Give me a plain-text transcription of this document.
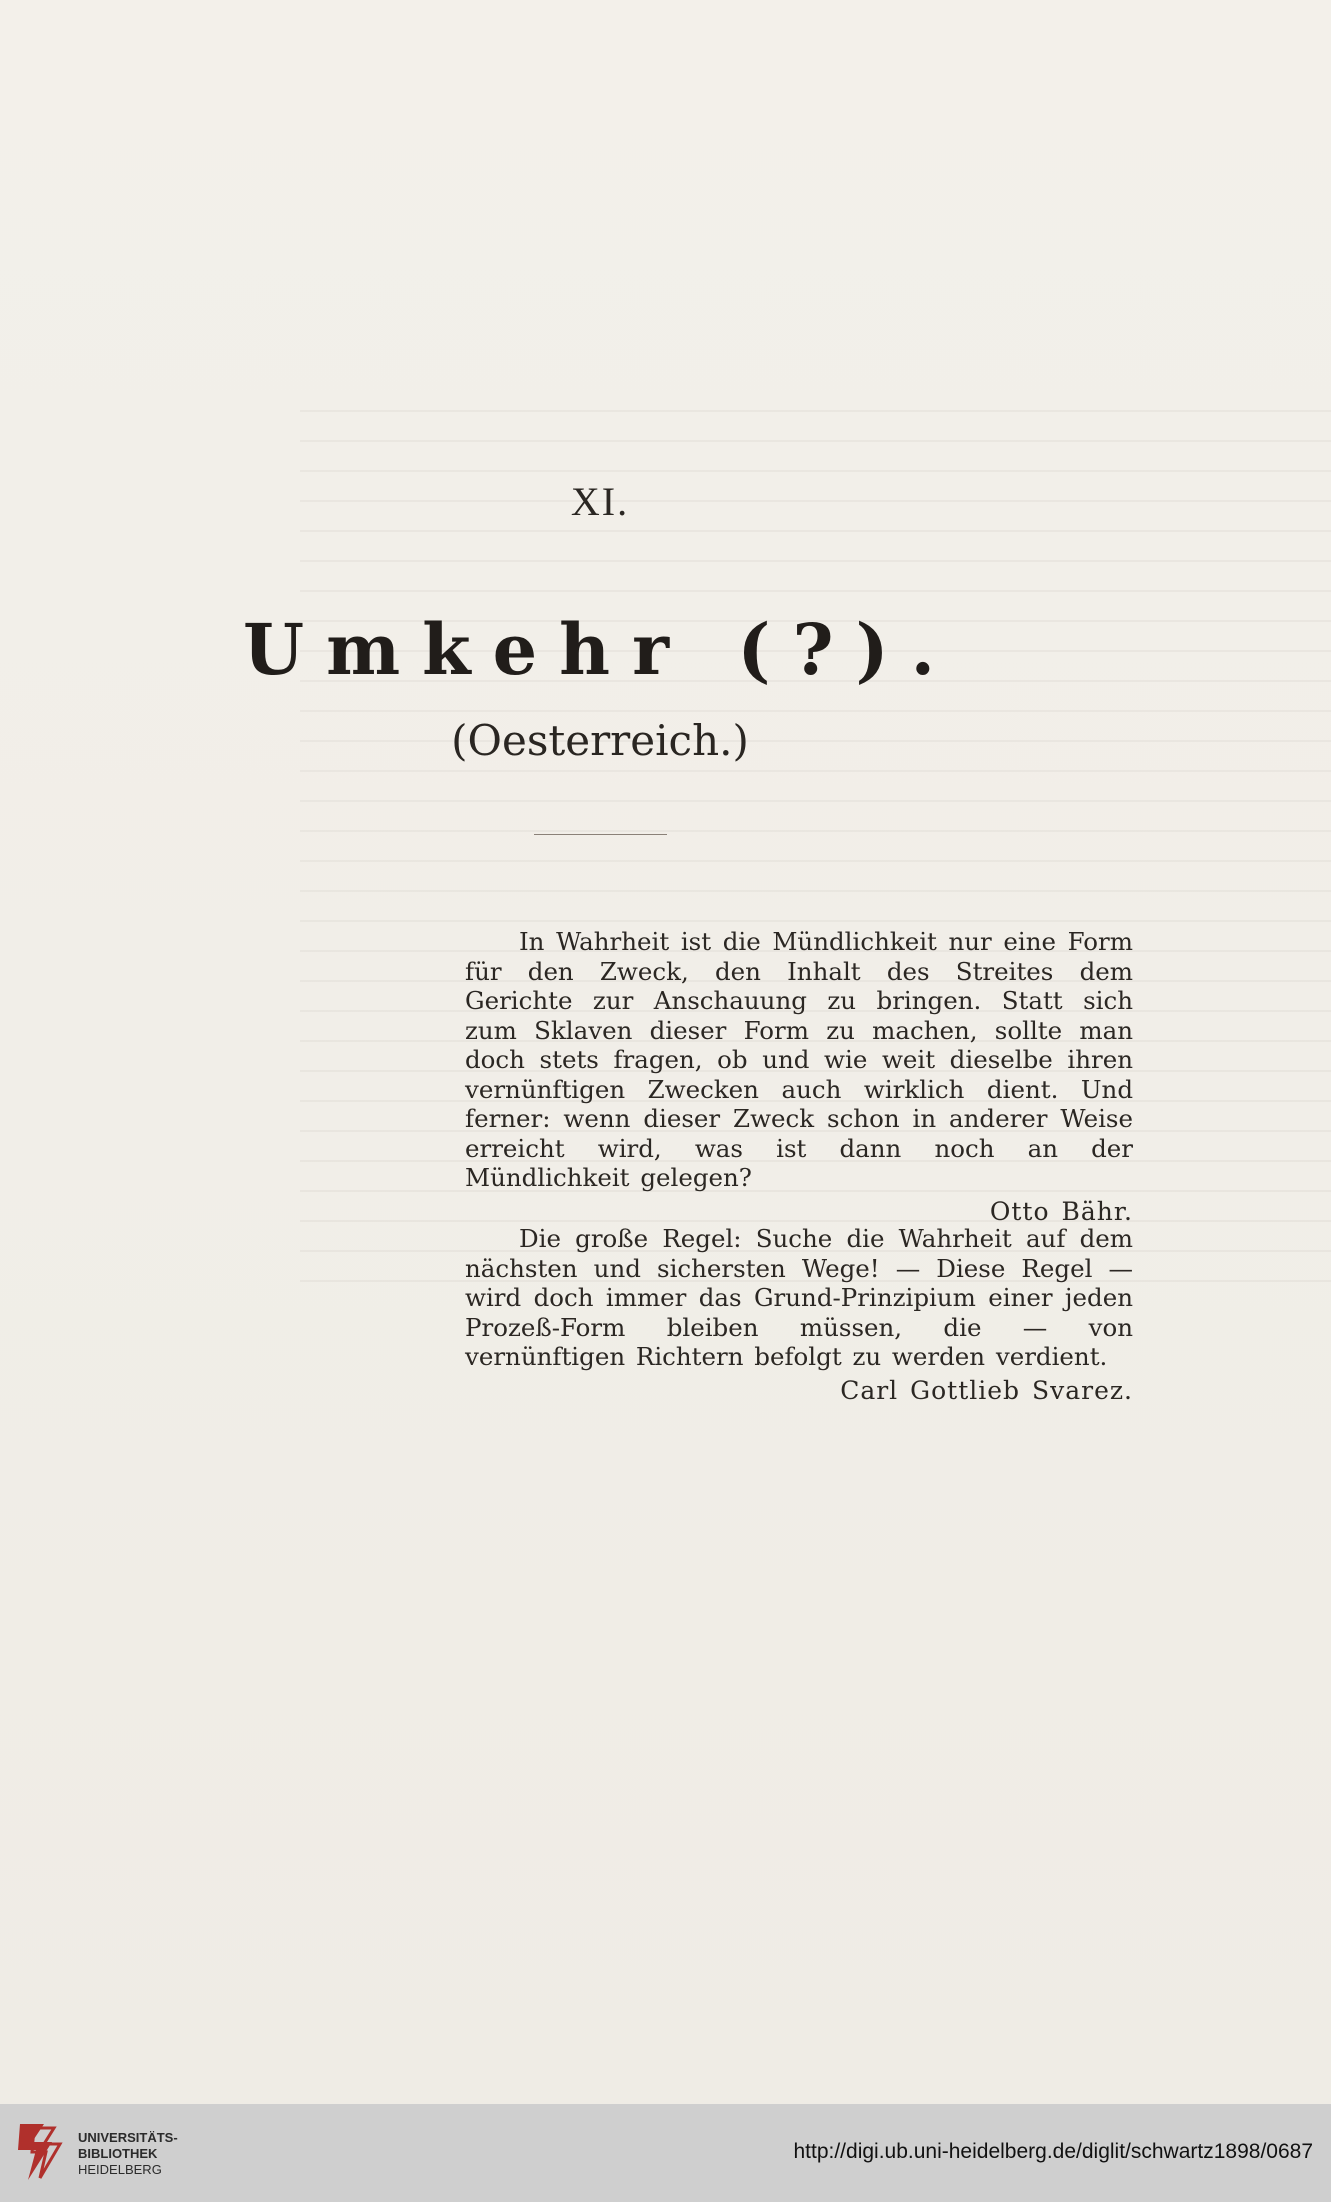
XI.
Umkehr (?).
(Oesterreich.)

In Wahrheit ist die Mündlichkeit nur eine Form für den Zweck, den Inhalt des Streites dem Gerichte zur Anschauung zu bringen. Statt sich zum Sklaven dieser Form zu machen, sollte man doch stets fragen, ob und wie weit dieselbe ihren vernünftigen Zwecken auch wirklich dient. Und ferner: wenn dieser Zweck schon in anderer Weise erreicht wird, was ist dann noch an der Mündlichkeit gelegen?

Otto Bähr.

Die große Regel: Suche die Wahrheit auf dem nächsten und sichersten Wege! — Diese Regel — wird doch immer das Grund-Prinzipium einer jeden Prozeß-Form bleiben müssen, die — von vernünftigen Richtern befolgt zu werden verdient.

Carl Gottlieb Svarez.
UNIVERSITÄTS-
BIBLIOTHEK
HEIDELBERG
http://digi.ub.uni-heidelberg.de/diglit/schwartz1898/0687
